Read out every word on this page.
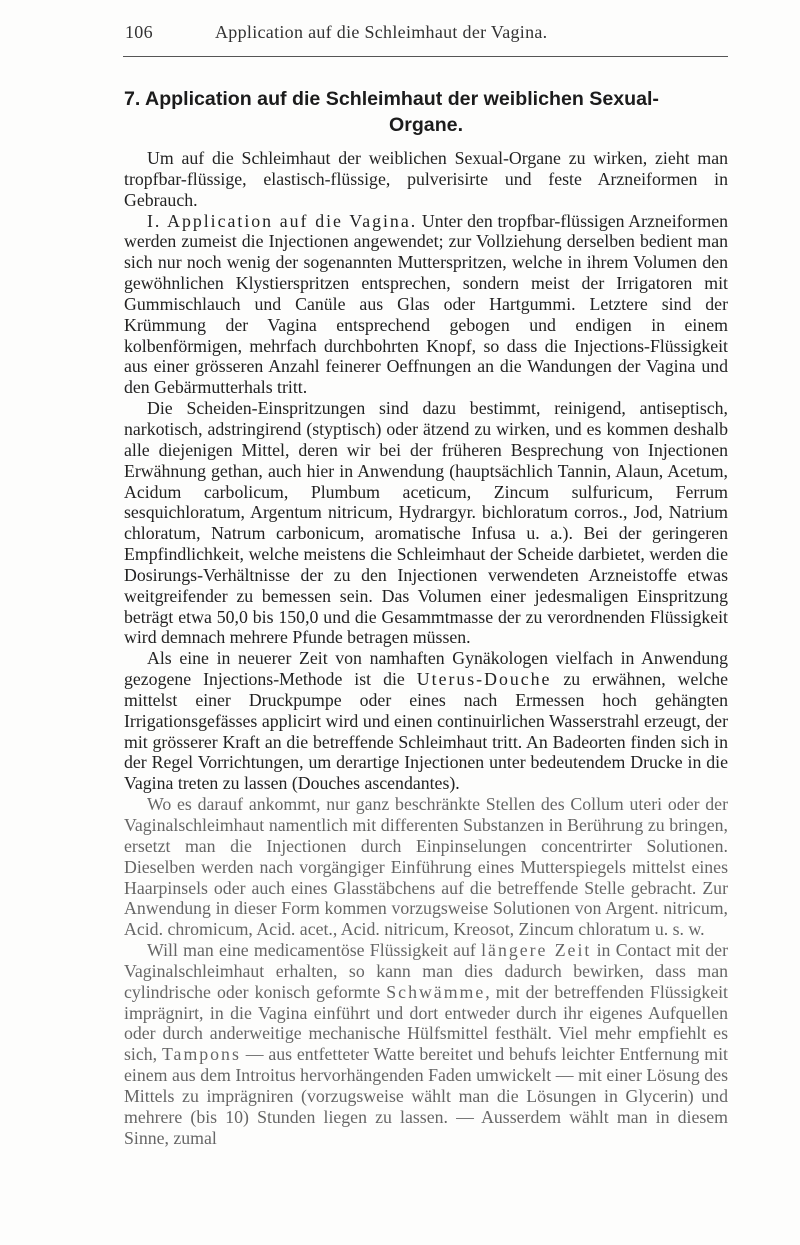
106	Application auf die Schleimhaut der Vagina.
7. Application auf die Schleimhaut der weiblichen Sexual-
Organe.

Um auf die Schleimhaut der weiblichen Sexual-Organe zu wirken, zieht man tropfbar-flüssige, elastisch-flüssige, pulverisirte und feste Arzneiformen in Gebrauch.

I. Application auf die Vagina. Unter den tropfbar-flüssigen Arzneiformen werden zumeist die Injectionen angewendet; zur Vollziehung derselben bedient man sich nur noch wenig der sogenannten Mutterspritzen, welche in ihrem Volumen den gewöhnlichen Klystierspritzen entsprechen, sondern meist der Irrigatoren mit Gummischlauch und Canüle aus Glas oder Hartgummi. Letztere sind der Krümmung der Vagina entsprechend gebogen und endigen in einem kolbenförmigen, mehrfach durchbohrten Knopf, so dass die Injections-Flüssigkeit aus einer grösseren Anzahl feinerer Oeffnungen an die Wandungen der Vagina und den Gebärmutterhals tritt.

Die Scheiden-Einspritzungen sind dazu bestimmt, reinigend, antiseptisch, narkotisch, adstringirend (styptisch) oder ätzend zu wirken, und es kommen deshalb alle diejenigen Mittel, deren wir bei der früheren Besprechung von Injectionen Erwähnung gethan, auch hier in Anwendung (hauptsächlich Tannin, Alaun, Acetum, Acidum carbolicum, Plumbum aceticum, Zincum sulfuricum, Ferrum sesquichloratum, Argentum nitricum, Hydrargyr. bichloratum corros., Jod, Natrium chloratum, Natrum carbonicum, aromatische Infusa u. a.). Bei der geringeren Empfindlichkeit, welche meistens die Schleimhaut der Scheide darbietet, werden die Dosirungs-Verhältnisse der zu den Injectionen verwendeten Arzneistoffe etwas weitgreifender zu bemessen sein. Das Volumen einer jedesmaligen Einspritzung beträgt etwa 50,0 bis 150,0 und die Gesammtmasse der zu verordnenden Flüssigkeit wird demnach mehrere Pfunde betragen müssen.

Als eine in neuerer Zeit von namhaften Gynäkologen vielfach in Anwendung gezogene Injections-Methode ist die Uterus-Douche zu erwähnen, welche mittelst einer Druckpumpe oder eines nach Ermessen hoch gehängten Irrigationsgefässes applicirt wird und einen continuirlichen Wasserstrahl erzeugt, der mit grösserer Kraft an die betreffende Schleimhaut tritt. An Badeorten finden sich in der Regel Vorrichtungen, um derartige Injectionen unter bedeutendem Drucke in die Vagina treten zu lassen (Douches ascendantes).

Wo es darauf ankommt, nur ganz beschränkte Stellen des Collum uteri oder der Vaginalschleimhaut namentlich mit differenten Substanzen in Berührung zu bringen, ersetzt man die Injectionen durch Einpinselungen concentrirter Solutionen. Dieselben werden nach vorgängiger Einführung eines Mutterspiegels mittelst eines Haarpinsels oder auch eines Glasstäbchens auf die betreffende Stelle gebracht. Zur Anwendung in dieser Form kommen vorzugsweise Solutionen von Argent. nitricum, Acid. chromicum, Acid. acet., Acid. nitricum, Kreosot, Zincum chloratum u. s. w.

Will man eine medicamentöse Flüssigkeit auf längere Zeit in Contact mit der Vaginalschleimhaut erhalten, so kann man dies dadurch bewirken, dass man cylindrische oder konisch geformte Schwämme, mit der betreffenden Flüssigkeit imprägnirt, in die Vagina einführt und dort entweder durch ihr eigenes Aufquellen oder durch anderweitige mechanische Hülfsmittel festhält. Viel mehr empfiehlt es sich, Tampons — aus entfetteter Watte bereitet und behufs leichter Entfernung mit einem aus dem Introitus hervorhängenden Faden umwickelt — mit einer Lösung des Mittels zu imprägniren (vorzugsweise wählt man die Lösungen in Glycerin) und mehrere (bis 10) Stunden liegen zu lassen. — Ausserdem wählt man in diesem Sinne, zumal
